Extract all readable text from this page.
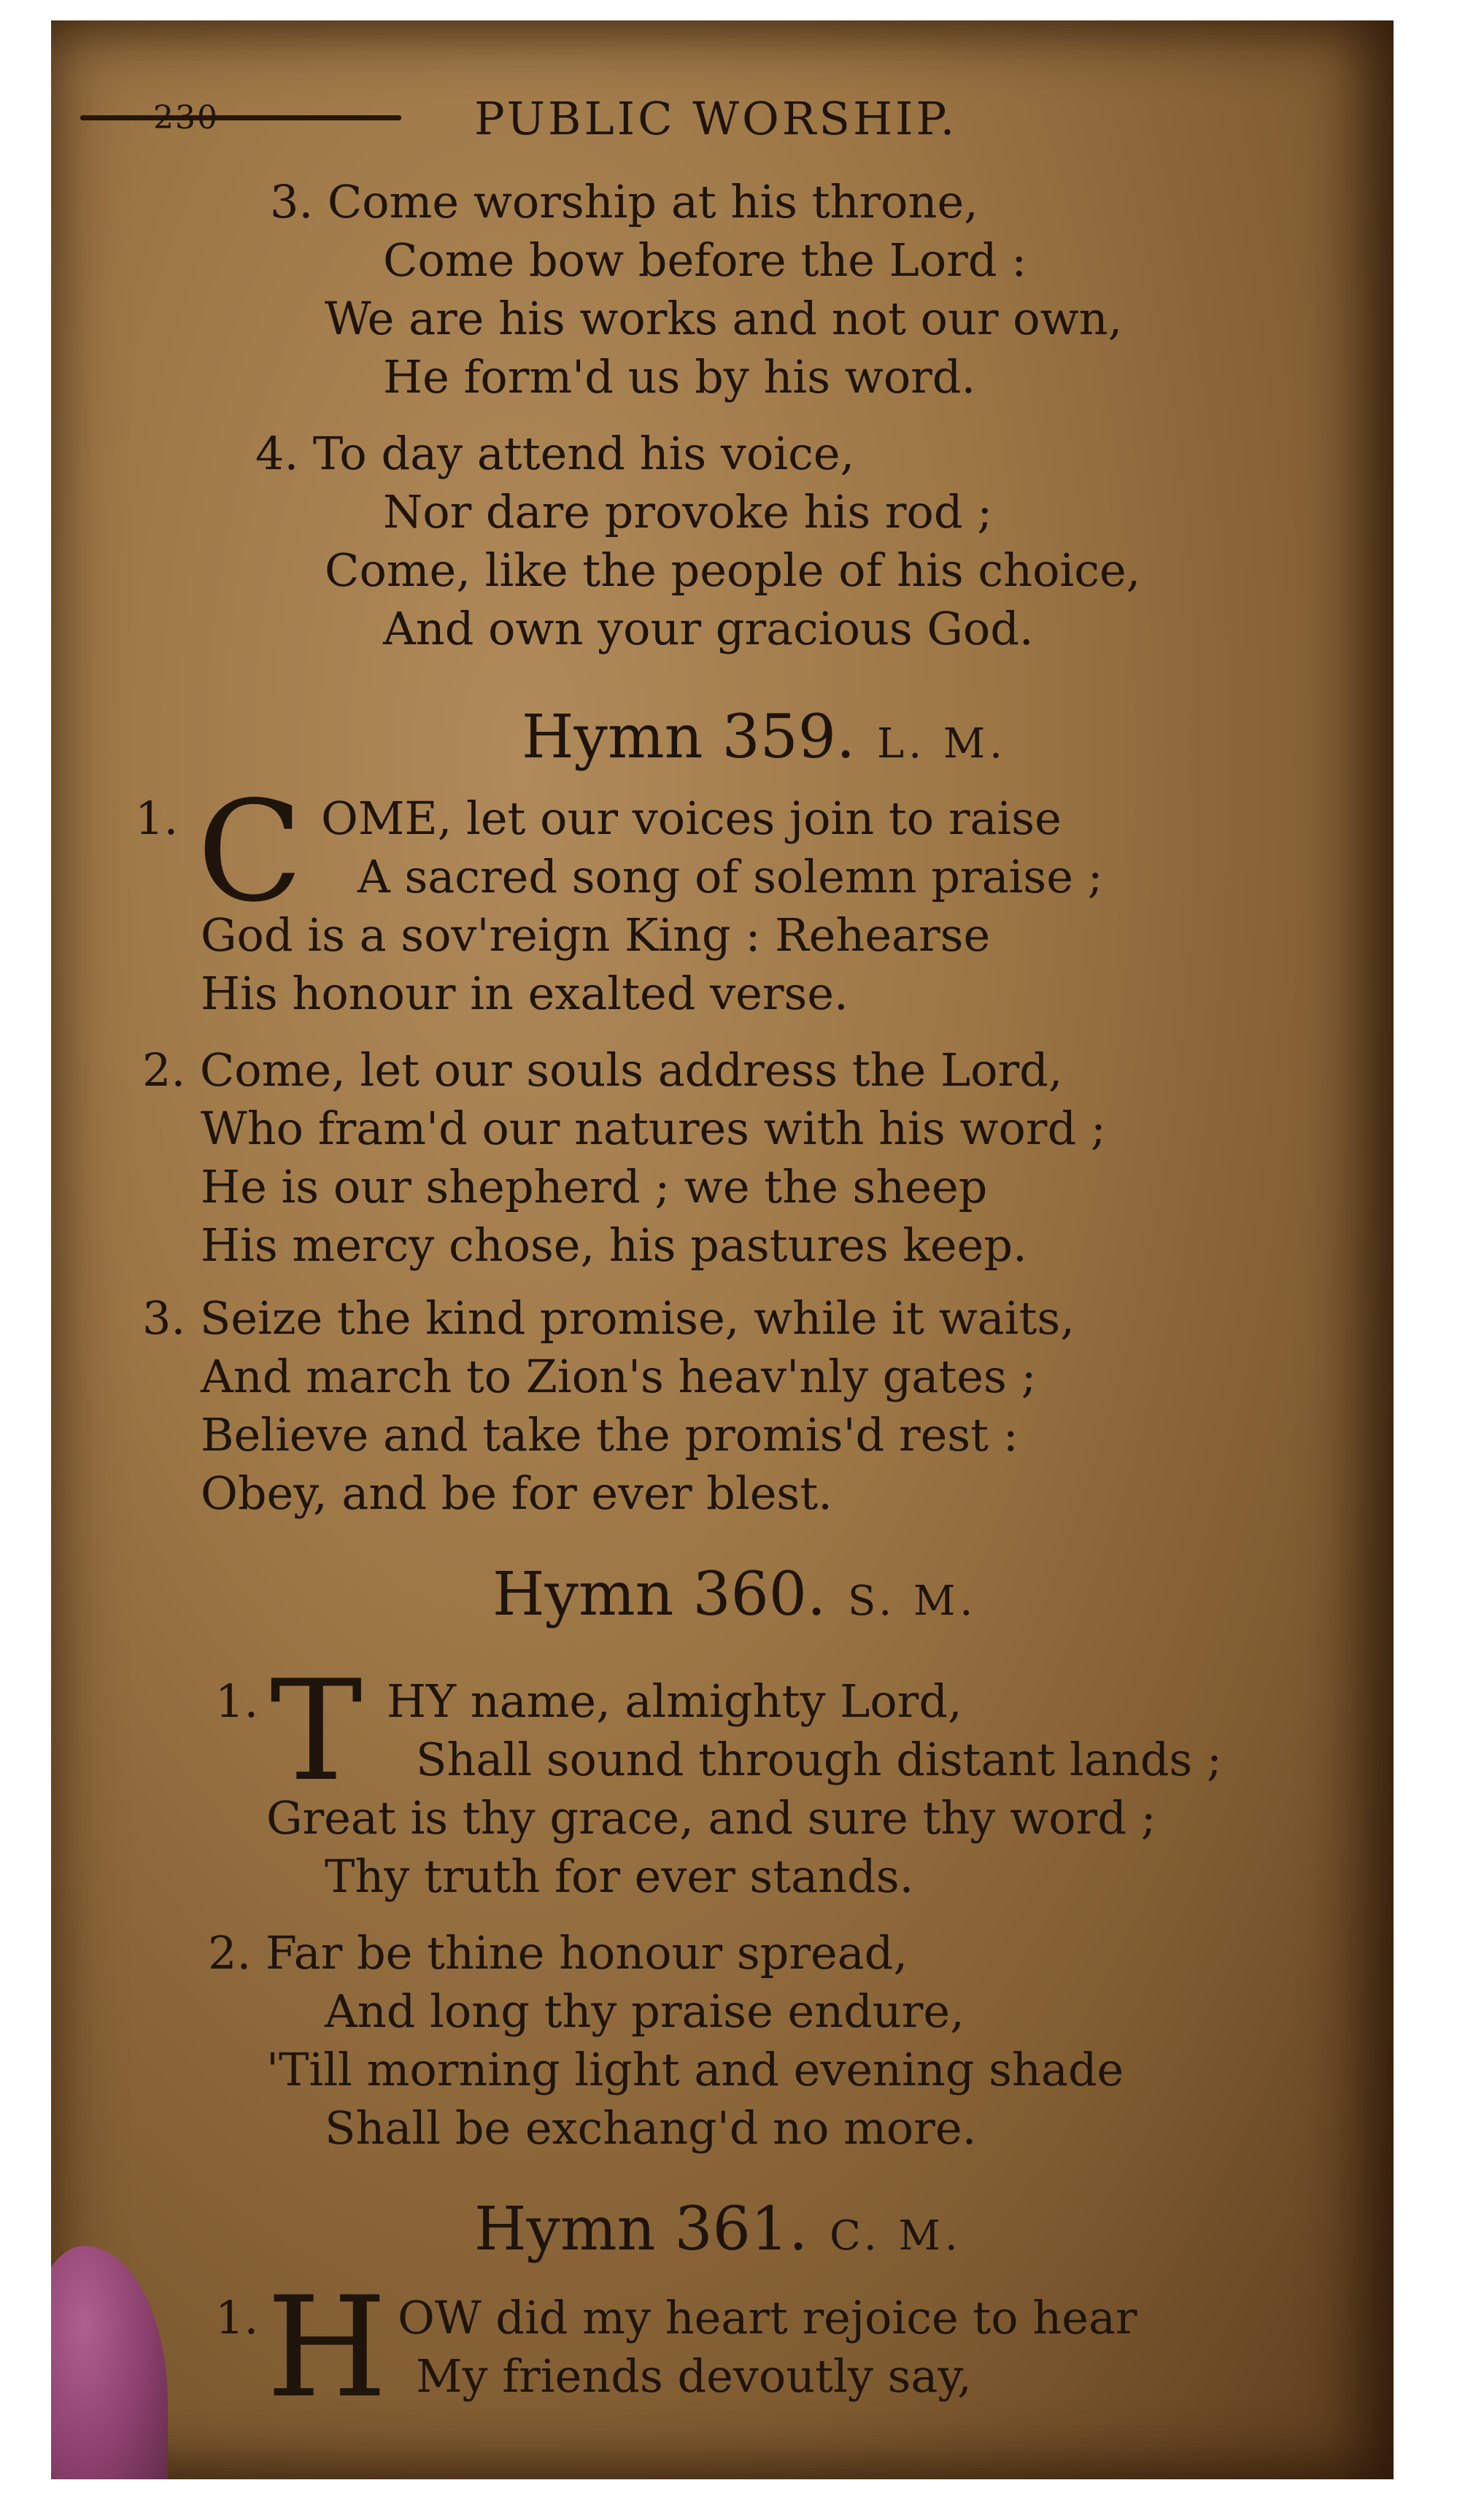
230	PUBLIC WORSHIP.
3. Come worship at his throne,
Come bow before the Lord :
We are his works and not our own,
He form'd us by his word.
4. To day attend his voice,
Nor dare provoke his rod ;
Come, like the people of his choice,
And own your gracious God.
Hymn 359. L. M.
1. C OME, let our voices join to raise
A sacred song of solemn praise ;
God is a sov'reign King : Rehearse
His honour in exalted verse.
2. Come, let our souls address the Lord,
Who fram'd our natures with his word ;
He is our shepherd ; we the sheep
His mercy chose, his pastures keep.
3. Seize the kind promise, while it waits,
And march to Zion's heav'nly gates ;
Believe and take the promis'd rest :
Obey, and be for ever blest.
Hymn 360. S. M.
1. T HY name, almighty Lord,
Shall sound through distant lands ;
Great is thy grace, and sure thy word ;
Thy truth for ever stands.
2. Far be thine honour spread,
And long thy praise endure,
'Till morning light and evening shade
Shall be exchang'd no more.
Hymn 361. C. M.
1. H OW did my heart rejoice to hear
My friends devoutly say,
